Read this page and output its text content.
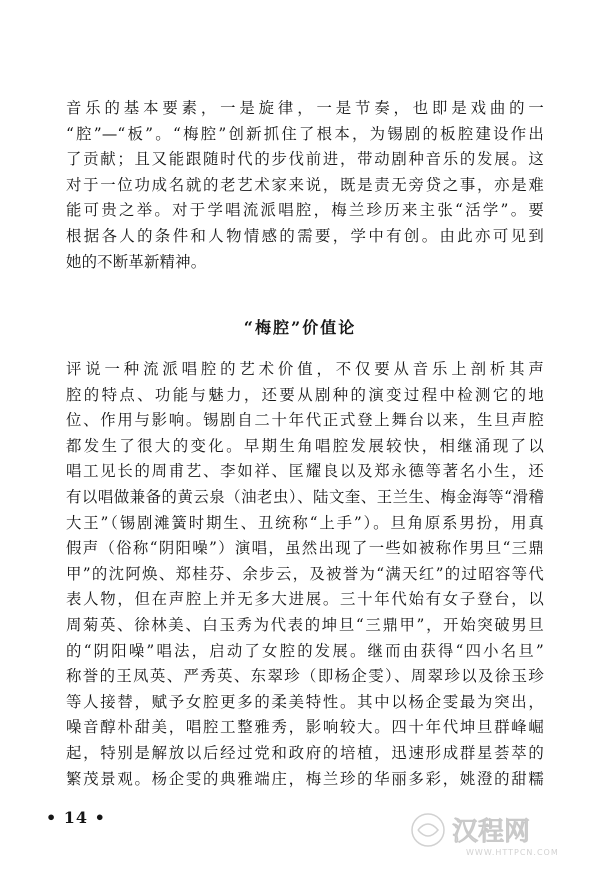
音乐的基本要素，一是旋律，一是节奏，也即是戏曲的一
“腔”—“板”。“梅腔”创新抓住了根本，为锡剧的板腔建设作出
了贡献；且又能跟随时代的步伐前进，带动剧种音乐的发展。这
对于一位功成名就的老艺术家来说，既是责无旁贷之事，亦是难
能可贵之举。对于学唱流派唱腔，梅兰珍历来主张“活学”。要
根据各人的条件和人物情感的需要，学中有创。由此亦可见到
她的不断革新精神。
“梅腔”价值论
评说一种流派唱腔的艺术价值，不仅要从音乐上剖析其声
腔的特点、功能与魅力，还要从剧种的演变过程中检测它的地
位、作用与影响。锡剧自二十年代正式登上舞台以来，生旦声腔
都发生了很大的变化。早期生角唱腔发展较快，相继涌现了以
唱工见长的周甫艺、李如祥、匡耀良以及郑永德等著名小生，还
有以唱做兼备的黄云泉（油老虫）、陆文奎、王兰生、梅金海等“滑稽
大王”（锡剧滩簧时期生、丑统称“上手”）。旦角原系男扮，用真
假声（俗称“阴阳噪”）演唱，虽然出现了一些如被称作男旦“三鼎
甲”的沈阿焕、郑桂芬、余步云，及被誉为“满天红”的过昭容等代
表人物，但在声腔上并无多大进展。三十年代始有女子登台，以
周菊英、徐林美、白玉秀为代表的坤旦“三鼎甲”，开始突破男旦
的“阴阳噪”唱法，启动了女腔的发展。继而由获得“四小名旦”
称誉的王凤英、严秀英、东翠珍（即杨企雯）、周翠珍以及徐玉珍
等人接替，赋予女腔更多的柔美特性。其中以杨企雯最为突出，
噪音醇朴甜美，唱腔工整雅秀，影响较大。四十年代坤旦群峰崛
起，特别是解放以后经过党和政府的培植，迅速形成群星荟萃的
繁茂景观。杨企雯的典雅端庄，梅兰珍的华丽多彩，姚澄的甜糯
• 14 •	汉程网
WWW.HTTPCN.COM
